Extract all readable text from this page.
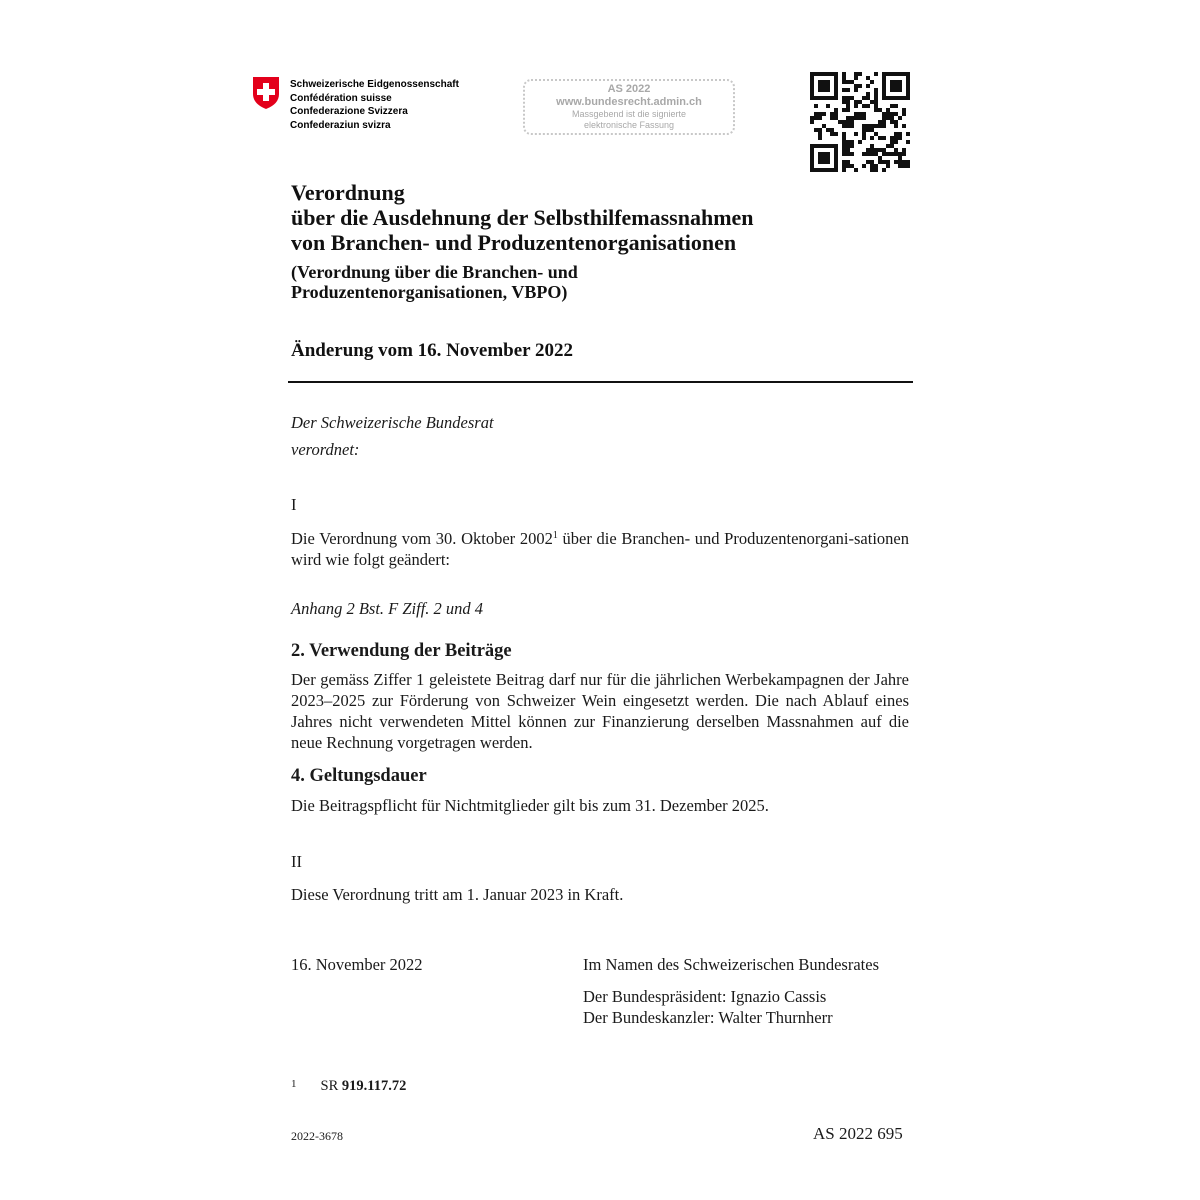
Schweizerische Eidgenossenschaft
Confédération suisse
Confederazione Svizzera
Confederaziun svizra
AS 2022
www.bundesrecht.admin.ch
Massgebend ist die signierte
elektronische Fassung
Verordnung
über die Ausdehnung der Selbsthilfemassnahmen
von Branchen- und Produzentenorganisationen
(Verordnung über die Branchen- und
Produzentenorganisationen, VBPO)
Änderung vom 16. November 2022
Der Schweizerische Bundesrat
verordnet:
I
Die Verordnung vom 30. Oktober 2002$^1$ über die Branchen- und Produzentenorgani-sationen wird wie folgt geändert:
Anhang 2 Bst. F Ziff. 2 und 4
2. Verwendung der Beiträge
Der gemäss Ziffer 1 geleistete Beitrag darf nur für die jährlichen Werbekampagnen der Jahre 2023–2025 zur Förderung von Schweizer Wein eingesetzt werden. Die nach Ablauf eines Jahres nicht verwendeten Mittel können zur Finanzierung derselben Massnahmen auf die neue Rechnung vorgetragen werden.
4. Geltungsdauer
Die Beitragspflicht für Nichtmitglieder gilt bis zum 31. Dezember 2025.
II
Diese Verordnung tritt am 1. Januar 2023 in Kraft.
16. November 2022	Im Namen des Schweizerischen Bundesrates
Der Bundespräsident: Ignazio Cassis
Der Bundeskanzler: Walter Thurnherr
$^1$ SR 919.117.72
2022-3678	AS 2022 695
